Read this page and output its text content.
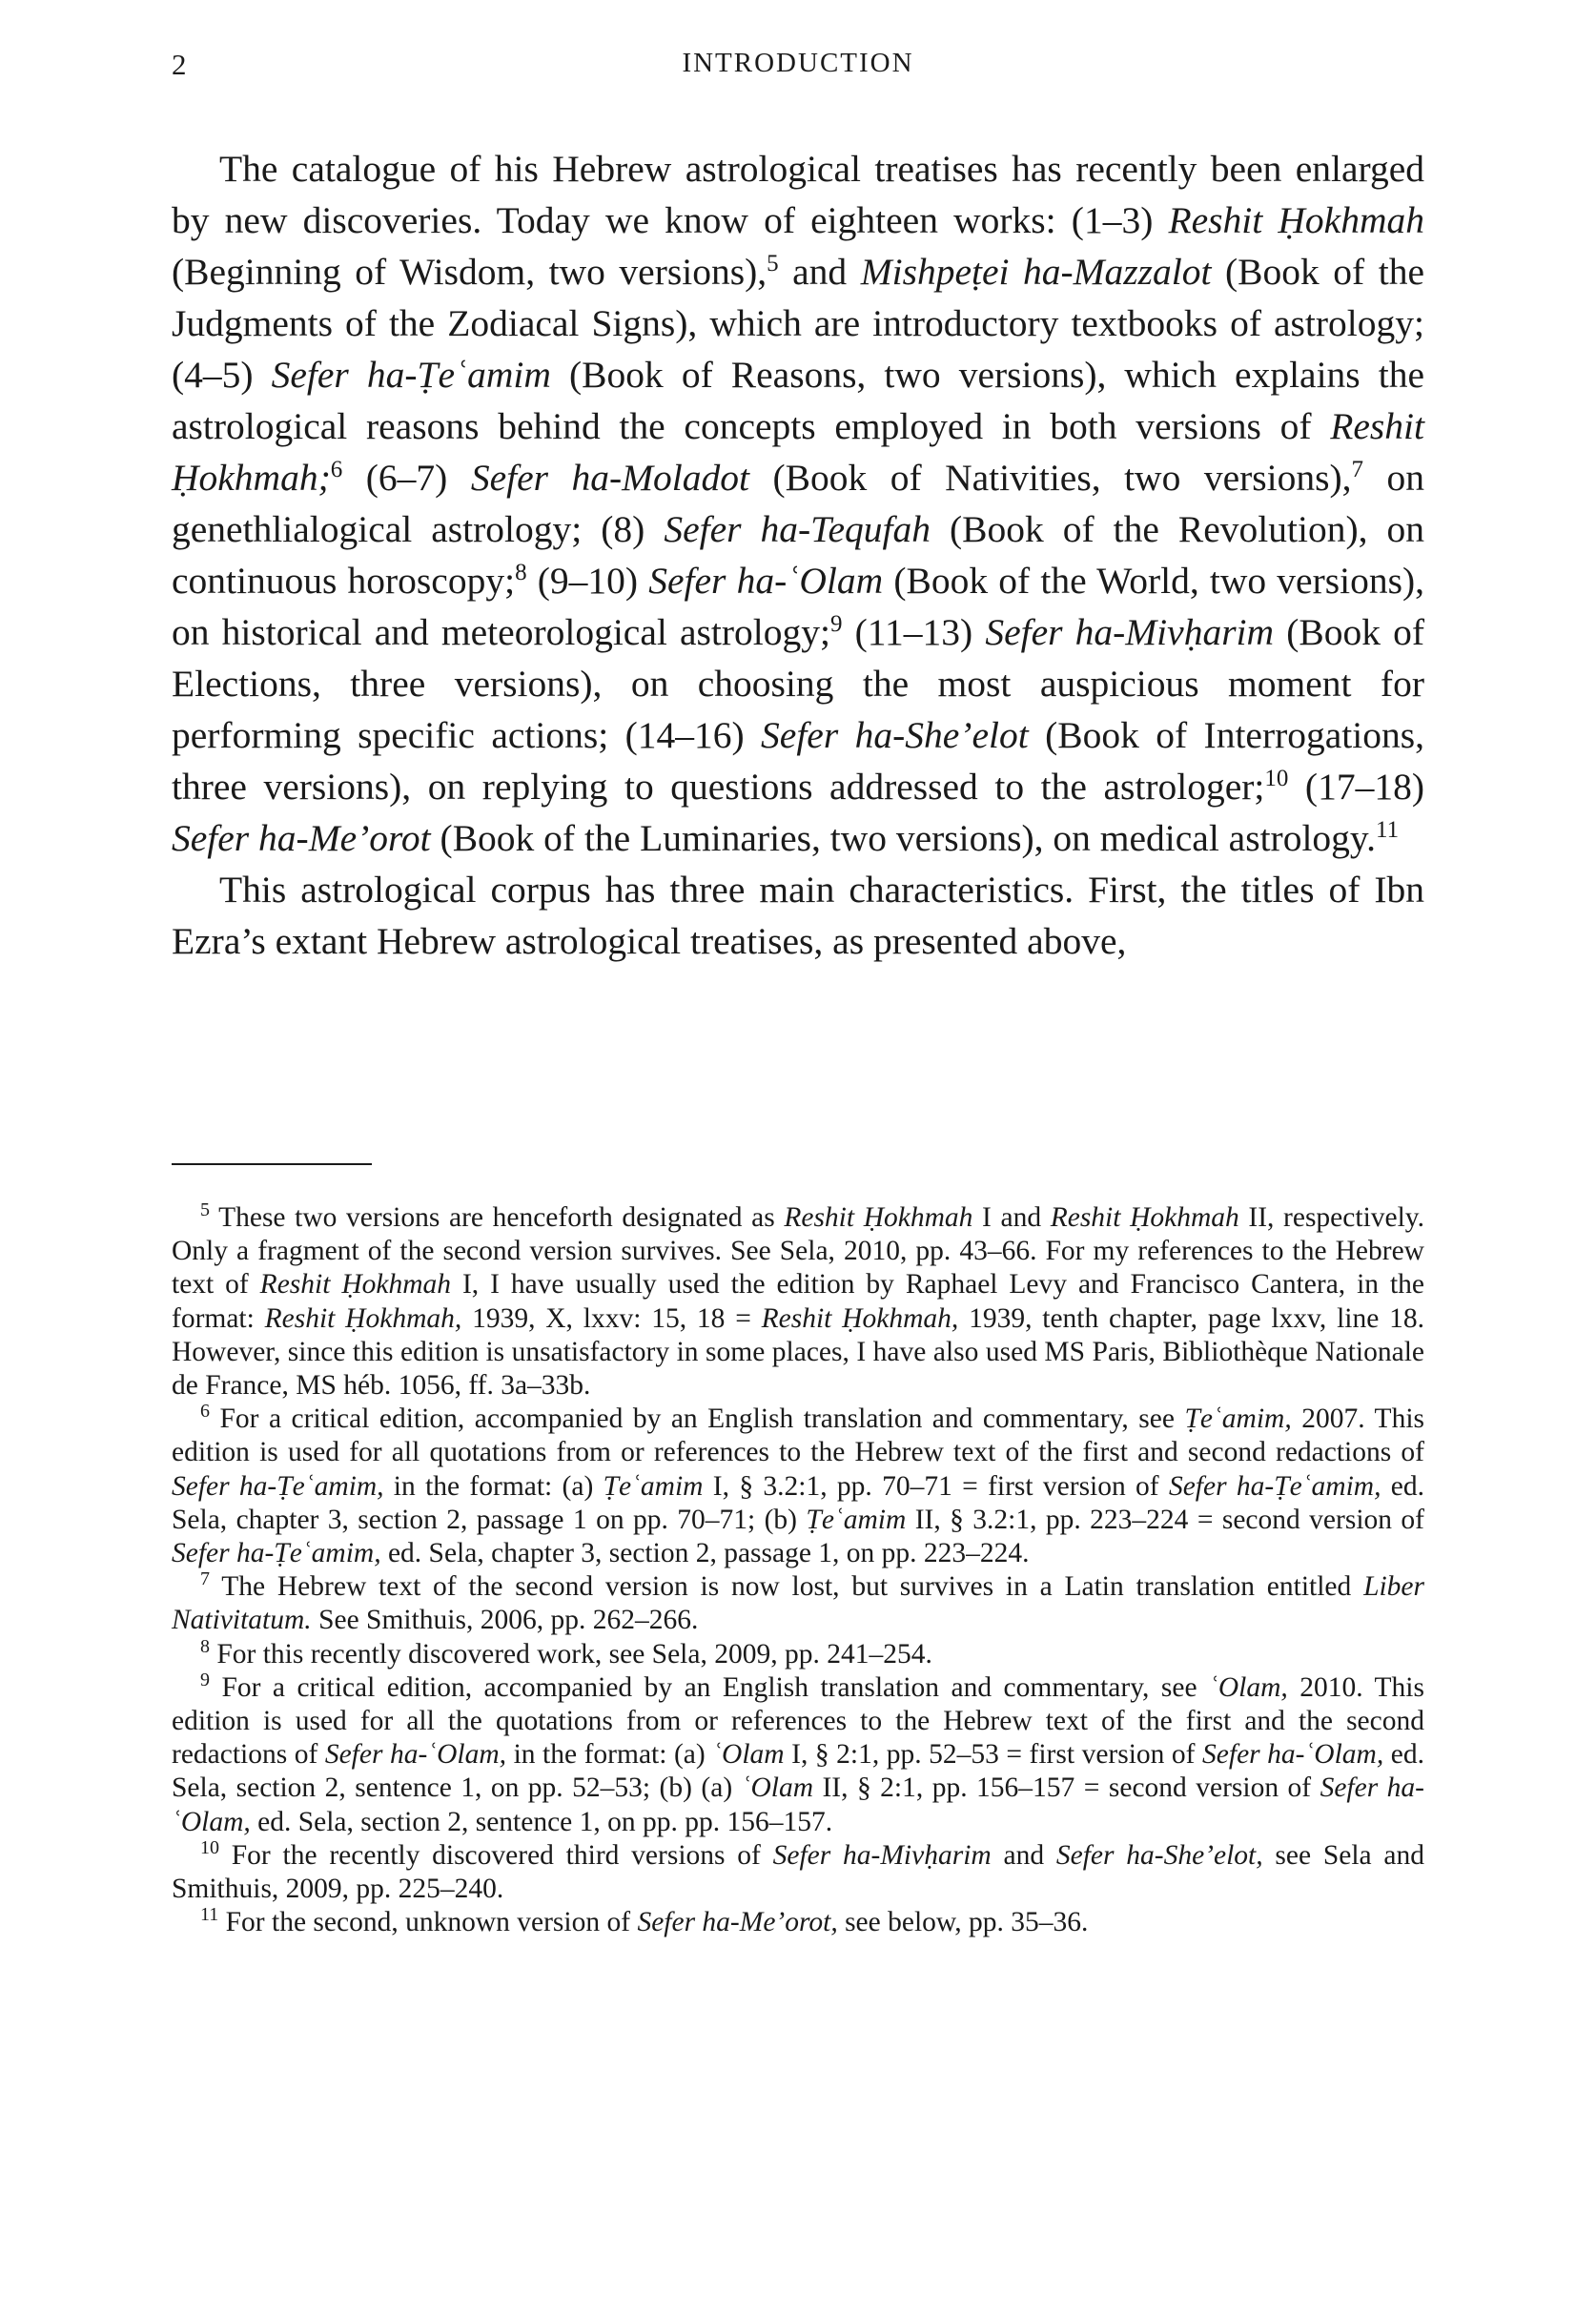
2	INTRODUCTION

The catalogue of his Hebrew astrological treatises has recently been enlarged by new discoveries. Today we know of eighteen works: (1–3) Reshit Ḥokhmah (Beginning of Wisdom, two versions),$^5$ and Mishpeṭei ha-Mazzalot (Book of the Judgments of the Zodiacal Signs), which are introductory textbooks of astrology; (4–5) Sefer ha-Ṭeʿamim (Book of Reasons, two versions), which explains the astrological reasons behind the concepts employed in both versions of Reshit Ḥokhmah;$^6$ (6–7) Sefer ha-Moladot (Book of Nativities, two versions),$^7$ on genethlialogical astrology; (8) Sefer ha-Tequfah (Book of the Revolution), on continuous horoscopy;$^8$ (9–10) Sefer ha-ʿOlam (Book of the World, two versions), on historical and meteorological astrology;$^9$ (11–13) Sefer ha-Mivḥarim (Book of Elections, three versions), on choosing the most auspicious moment for performing specific actions; (14–16) Sefer ha-She’elot (Book of Interrogations, three versions), on replying to questions addressed to the astrologer;$^{10}$ (17–18) Sefer ha-Me’orot (Book of the Luminaries, two versions), on medical astrology.$^{11}$

This astrological corpus has three main characteristics. First, the titles of Ibn Ezra’s extant Hebrew astrological treatises, as presented above,

$^5$ These two versions are henceforth designated as Reshit Ḥokhmah I and Reshit Ḥokhmah II, respectively. Only a fragment of the second version survives. See Sela, 2010, pp. 43–66. For my references to the Hebrew text of Reshit Ḥokhmah I, I have usually used the edition by Raphael Levy and Francisco Cantera, in the format: Reshit Ḥokhmah, 1939, X, lxxv: 15, 18 = Reshit Ḥokhmah, 1939, tenth chapter, page lxxv, line 18. However, since this edition is unsatisfactory in some places, I have also used MS Paris, Bibliothèque Nationale de France, MS héb. 1056, ff. 3a–33b.

$^6$ For a critical edition, accompanied by an English translation and commentary, see Ṭeʿamim, 2007. This edition is used for all quotations from or references to the Hebrew text of the first and second redactions of Sefer ha-Ṭeʿamim, in the format: (a) Ṭeʿamim I, § 3.2:1, pp. 70–71 = first version of Sefer ha-Ṭeʿamim, ed. Sela, chapter 3, section 2, passage 1 on pp. 70–71; (b) Ṭeʿamim II, § 3.2:1, pp. 223–224 = second version of Sefer ha-Ṭeʿamim, ed. Sela, chapter 3, section 2, passage 1, on pp. 223–224.

$^7$ The Hebrew text of the second version is now lost, but survives in a Latin translation entitled Liber Nativitatum. See Smithuis, 2006, pp. 262–266.

$^8$ For this recently discovered work, see Sela, 2009, pp. 241–254.

$^9$ For a critical edition, accompanied by an English translation and commentary, see ʿOlam, 2010. This edition is used for all the quotations from or references to the Hebrew text of the first and the second redactions of Sefer ha-ʿOlam, in the format: (a) ʿOlam I, § 2:1, pp. 52–53 = first version of Sefer ha-ʿOlam, ed. Sela, section 2, sentence 1, on pp. 52–53; (b) (a) ʿOlam II, § 2:1, pp. 156–157 = second version of Sefer ha-ʿOlam, ed. Sela, section 2, sentence 1, on pp. pp. 156–157.

$^{10}$ For the recently discovered third versions of Sefer ha-Mivḥarim and Sefer ha-She’elot, see Sela and Smithuis, 2009, pp. 225–240.

$^{11}$ For the second, unknown version of Sefer ha-Me’orot, see below, pp. 35–36.
